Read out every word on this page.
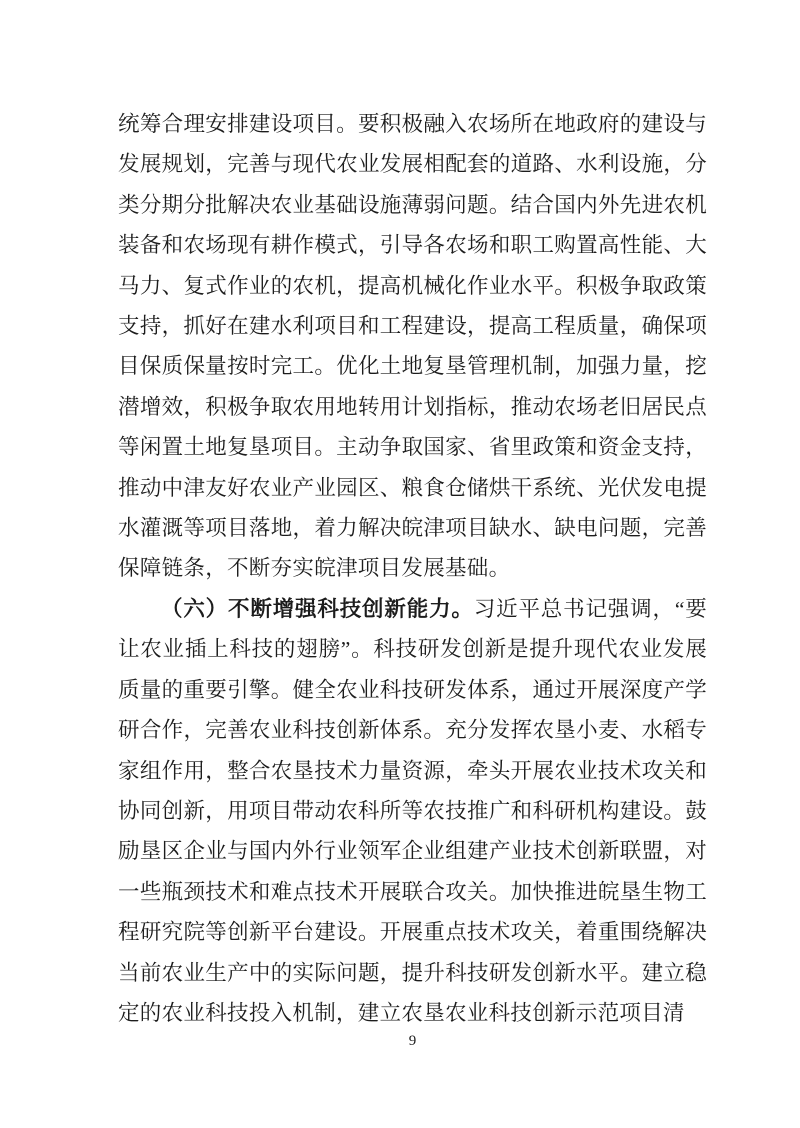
统筹合理安排建设项目。要积极融入农场所在地政府的建设与发展规划，完善与现代农业发展相配套的道路、水利设施，分类分期分批解决农业基础设施薄弱问题。结合国内外先进农机装备和农场现有耕作模式，引导各农场和职工购置高性能、大马力、复式作业的农机，提高机械化作业水平。积极争取政策支持，抓好在建水利项目和工程建设，提高工程质量，确保项目保质保量按时完工。优化土地复垦管理机制，加强力量，挖潜增效，积极争取农用地转用计划指标，推动农场老旧居民点等闲置土地复垦项目。主动争取国家、省里政策和资金支持，推动中津友好农业产业园区、粮食仓储烘干系统、光伏发电提水灌溉等项目落地，着力解决皖津项目缺水、缺电问题，完善保障链条，不断夯实皖津项目发展基础。

（六）不断增强科技创新能力。习近平总书记强调，“要让农业插上科技的翅膀”。科技研发创新是提升现代农业发展质量的重要引擎。健全农业科技研发体系，通过开展深度产学研合作，完善农业科技创新体系。充分发挥农垦小麦、水稻专家组作用，整合农垦技术力量资源，牵头开展农业技术攻关和协同创新，用项目带动农科所等农技推广和科研机构建设。鼓励垦区企业与国内外行业领军企业组建产业技术创新联盟，对一些瓶颈技术和难点技术开展联合攻关。加快推进皖垦生物工程研究院等创新平台建设。开展重点技术攻关，着重围绕解决当前农业生产中的实际问题，提升科技研发创新水平。建立稳定的农业科技投入机制，建立农垦农业科技创新示范项目清

9
